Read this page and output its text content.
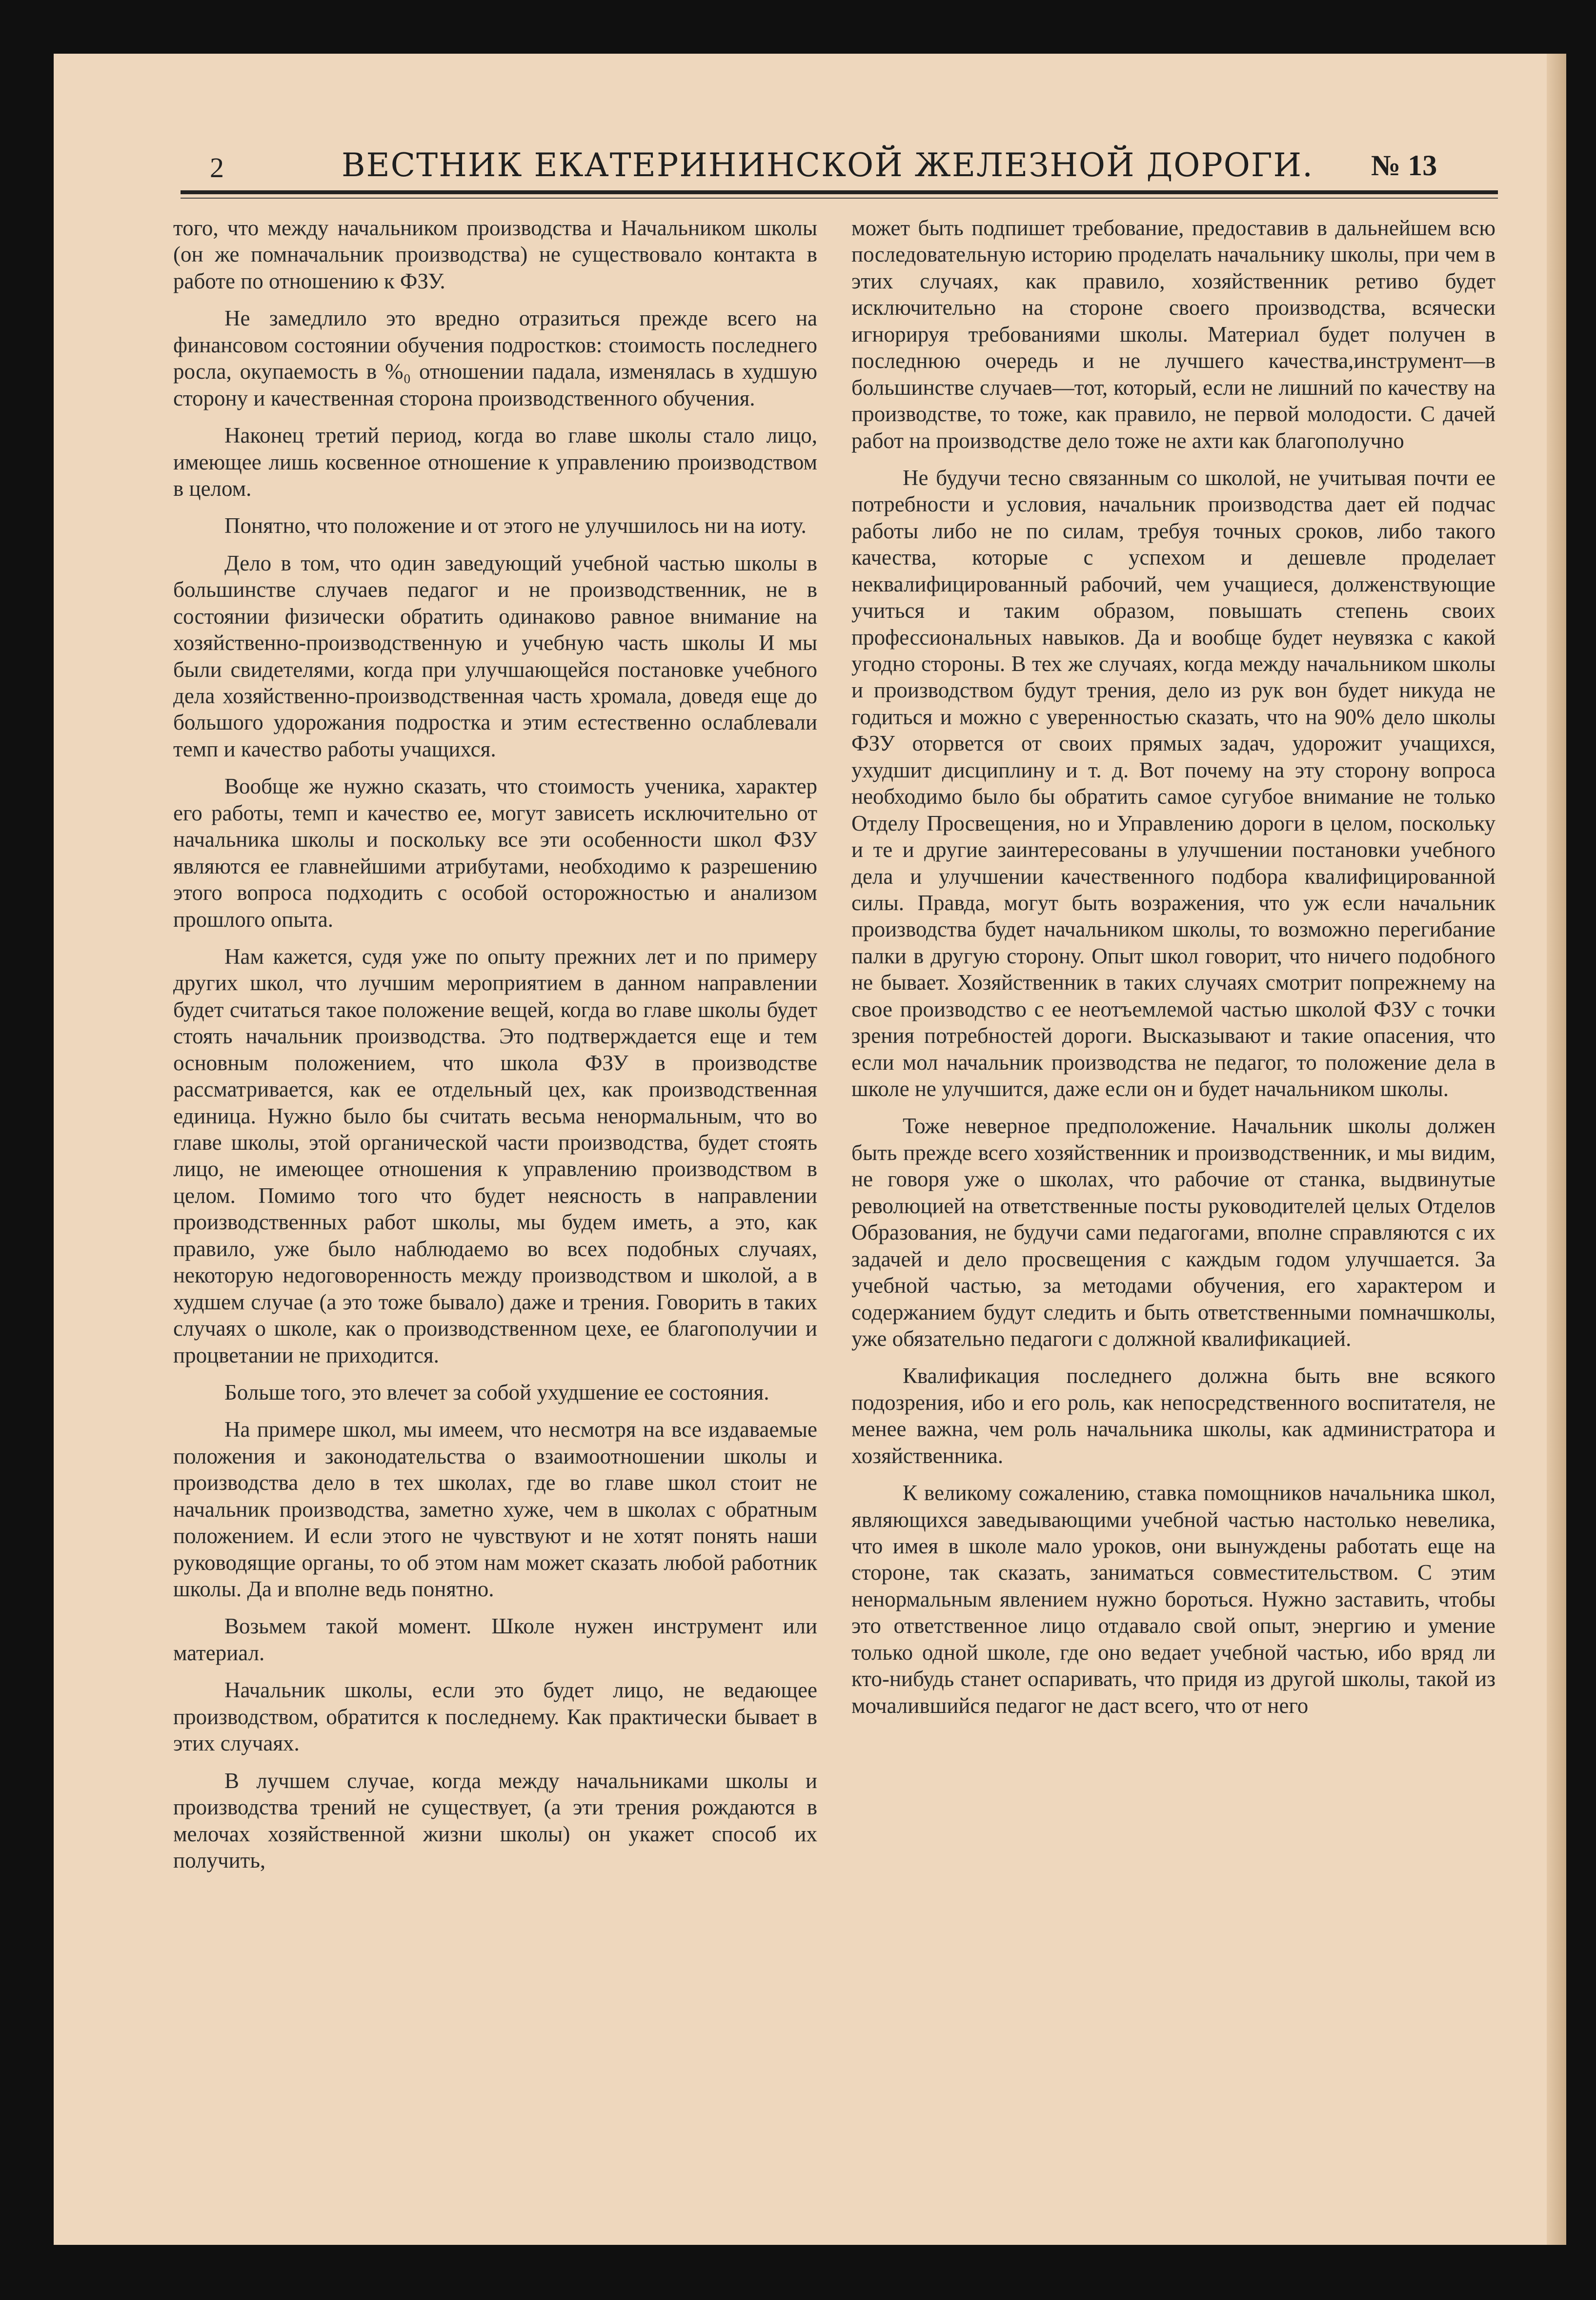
2	ВЕСТНИК ЕКАТЕРИНИНСКОЙ ЖЕЛЕЗНОЙ ДОРОГИ. № 13

того, что между начальником производства и Начальником школы (он же помначальник производства) не существовало контакта в работе по отношению к ФЗУ.

Не замедлило это вредно отразиться прежде всего на финансовом состоянии обучения подростков: стоимость последнего росла, окупаемость в %₀ отношении падала, изменялась в худшую сторону и качественная сторона производственного обучения.

Наконец третий период, когда во главе школы стало лицо, имеющее лишь косвенное отношение к управлению производством в целом.

Понятно, что положение и от этого не улучшилось ни на иоту.

Дело в том, что один заведующий учебной частью школы в большинстве случаев педагог и не производственник, не в состоянии физически обратить одинаково равное внимание на хозяйственно-производственную и учебную часть школы И мы были свидетелями, когда при улучшающейся постановке учебного дела хозяйственно-производственная часть хромала, доведя еще до большого удорожания подростка и этим естественно ослаблевали темп и качество работы учащихся.

Вообще же нужно сказать, что стоимость ученика, характер его работы, темп и качество ее, могут зависеть исключительно от начальника школы и поскольку все эти особенности школ ФЗУ являются ее главнейшими атрибутами, необходимо к разрешению этого вопроса подходить с особой осторожностью и анализом прошлого опыта.

Нам кажется, судя уже по опыту прежних лет и по примеру других школ, что лучшим мероприятием в данном направлении будет считаться такое положение вещей, когда во главе школы будет стоять начальник производства. Это подтверждается еще и тем основным положением, что школа ФЗУ в производстве рассматривается, как ее отдельный цех, как производственная единица. Нужно было бы считать весьма ненормальным, что во главе школы, этой органической части производства, будет стоять лицо, не имеющее отношения к управлению производством в целом. Помимо того что будет неясность в направлении производственных работ школы, мы будем иметь, а это, как правило, уже было наблюдаемо во всех подобных случаях, некоторую недоговоренность между производством и школой, а в худшем случае (а это тоже бывало) даже и трения. Говорить в таких случаях о школе, как о производственном цехе, ее благополучии и процветании не приходится.

Больше того, это влечет за собой ухудшение ее состояния.

На примере школ, мы имеем, что несмотря на все издаваемые положения и законодательства о взаимоотношении школы и производства дело в тех школах, где во главе школ стоит не начальник производства, заметно хуже, чем в школах с обратным положением. И если этого не чувствуют и не хотят понять наши руководящие органы, то об этом нам может сказать любой работник школы. Да и вполне ведь понятно.

Возьмем такой момент. Школе нужен инструмент или материал.

Начальник школы, если это будет лицо, не ведающее производством, обратится к последнему. Как практически бывает в этих случаях.

В лучшем случае, когда между начальниками школы и производства трений не существует, (а эти трения рождаются в мелочах хозяйственной жизни школы) он укажет способ их получить,

может быть подпишет требование, предоставив в дальнейшем всю последовательную историю проделать начальнику школы, при чем в этих случаях, как правило, хозяйственник ретиво будет исключительно на стороне своего производства, всячески игнорируя требованиями школы. Материал будет получен в последнюю очередь и не лучшего качества,инструмент—в большинстве случаев—тот, который, если не лишний по качеству на производстве, то тоже, как правило, не первой молодости. С дачей работ на производстве дело тоже не ахти как благополучно

Не будучи тесно связанным со школой, не учитывая почти ее потребности и условия, начальник производства дает ей подчас работы либо не по силам, требуя точных сроков, либо такого качества, которые с успехом и дешевле проделает неквалифицированный рабочий, чем учащиеся, долженствующие учиться и таким образом, повышать степень своих профессиональных навыков. Да и вообще будет неувязка с какой угодно стороны. В тех же случаях, когда между начальником школы и производством будут трения, дело из рук вон будет никуда не годиться и можно с уверенностью сказать, что на 90% дело школы ФЗУ оторвется от своих прямых задач, удорожит учащихся, ухудшит дисциплину и т. д. Вот почему на эту сторону вопроса необходимо было бы обратить самое сугубое внимание не только Отделу Просвещения, но и Управлению дороги в целом, поскольку и те и другие заинтересованы в улучшении постановки учебного дела и улучшении качественного подбора квалифицированной силы. Правда, могут быть возражения, что уж если начальник производства будет начальником школы, то возможно перегибание палки в другую сторону. Опыт школ говорит, что ничего подобного не бывает. Хозяйственник в таких случаях смотрит попрежнему на свое производство с ее неотъемлемой частью школой ФЗУ с точки зрения потребностей дороги. Высказывают и такие опасения, что если мол начальник производства не педагог, то положение дела в школе не улучшится, даже если он и будет начальником школы.

Тоже неверное предположение. Начальник школы должен быть прежде всего хозяйственник и производственник, и мы видим, не говоря уже о школах, что рабочие от станка, выдвинутые революцией на ответственные посты руководителей целых Отделов Образования, не будучи сами педагогами, вполне справляются с их задачей и дело просвещения с каждым годом улучшается. За учебной частью, за методами обучения, его характером и содержанием будут следить и быть ответственными помначшколы, уже обязательно педагоги с должной квалификацией.

Квалификация последнего должна быть вне всякого подозрения, ибо и его роль, как непосредственного воспитателя, не менее важна, чем роль начальника школы, как администратора и хозяйственника.

К великому сожалению, ставка помощников начальника школ, являющихся заведывающими учебной частью настолько невелика, что имея в школе мало уроков, они вынуждены работать еще на стороне, так сказать, заниматься совместительством. С этим ненормальным явлением нужно бороться. Нужно заставить, чтобы это ответственное лицо отдавало свой опыт, энергию и умение только одной школе, где оно ведает учебной частью, ибо вряд ли кто-нибудь станет оспаривать, что придя из другой школы, такой из мочалившийся педагог не даст всего, что от него
